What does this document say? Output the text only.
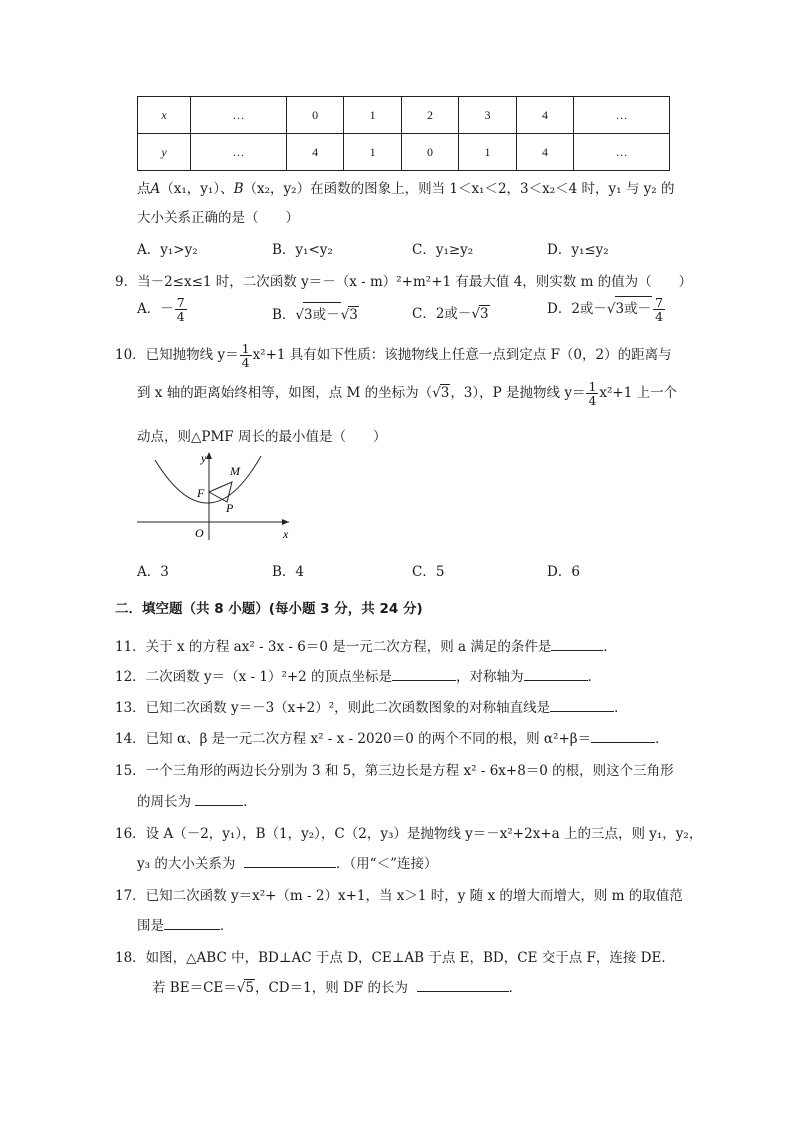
x	…	0	1	2	3	4	…
y	…	4	1	0	1	4	…
点A（x₁，y₁）、B（x₂，y₂）在函数的图象上，则当 1＜x₁＜2，3＜x₂＜4 时，y₁ 与 y₂ 的
大小关系正确的是（　　）
A．y₁>y₂	B．y₁<y₂	C．y₁≥y₂	D．y₁≤y₂
9．当－2≤x≤1 时，二次函数 y＝－（x - m）²+m²+1 有最大值 4，则实数 m 的值为（　　）
A．－ $\frac{7}{4}$	B．√3或－√3	C．2或－√3	D．2或－√3或－ $\frac{7}{4}$
10．已知抛物线 $y= \frac{1}{4} x^2+1$ 具有如下性质：该抛物线上任意一点到定点 F（0，2）的距离与
到 x 轴的距离始终相等，如图，点 M 的坐标为（√3，3），P 是抛物线 $y= \frac{1}{4} x^2+1$ 上一个
动点，则△PMF 周长的最小值是（　　）
y
x
O
F
M
P
A．3	B．4	C．5	D．6
二．填空题（共 8 小题）(每小题 3 分，共 24 分)
11．关于 x 的方程 ax² - 3x - 6＝0 是一元二次方程，则 a 满足的条件是	．
12．二次函数 y＝（x - 1）²+2 的顶点坐标是	，对称轴为	．
13．已知二次函数 y＝－3（x+2）²，则此二次函数图象的对称轴直线是	．
14．已知 α、β 是一元二次方程 x² - x - 2020＝0 的两个不同的根，则 α²+β＝	．
15．一个三角形的两边长分别为 3 和 5，第三边长是方程 x² - 6x+8＝0 的根，则这个三角形
的周长为	．
16．设 A（－2，y₁），B（1，y₂），C（2，y₃）是抛物线 y＝－x²+2x+a 上的三点，则 y₁，y₂，
y₃ 的大小关系为	．（用“＜”连接）
17．已知二次函数 y＝x²+（m - 2）x+1，当 x＞1 时，y 随 x 的增大而增大，则 m 的取值范
围是	．
18．如图，△ABC 中，BD⊥AC 于点 D，CE⊥AB 于点 E，BD，CE 交于点 F，连接 DE．
若 BE＝CE＝√5，CD＝1，则 DF 的长为	．
